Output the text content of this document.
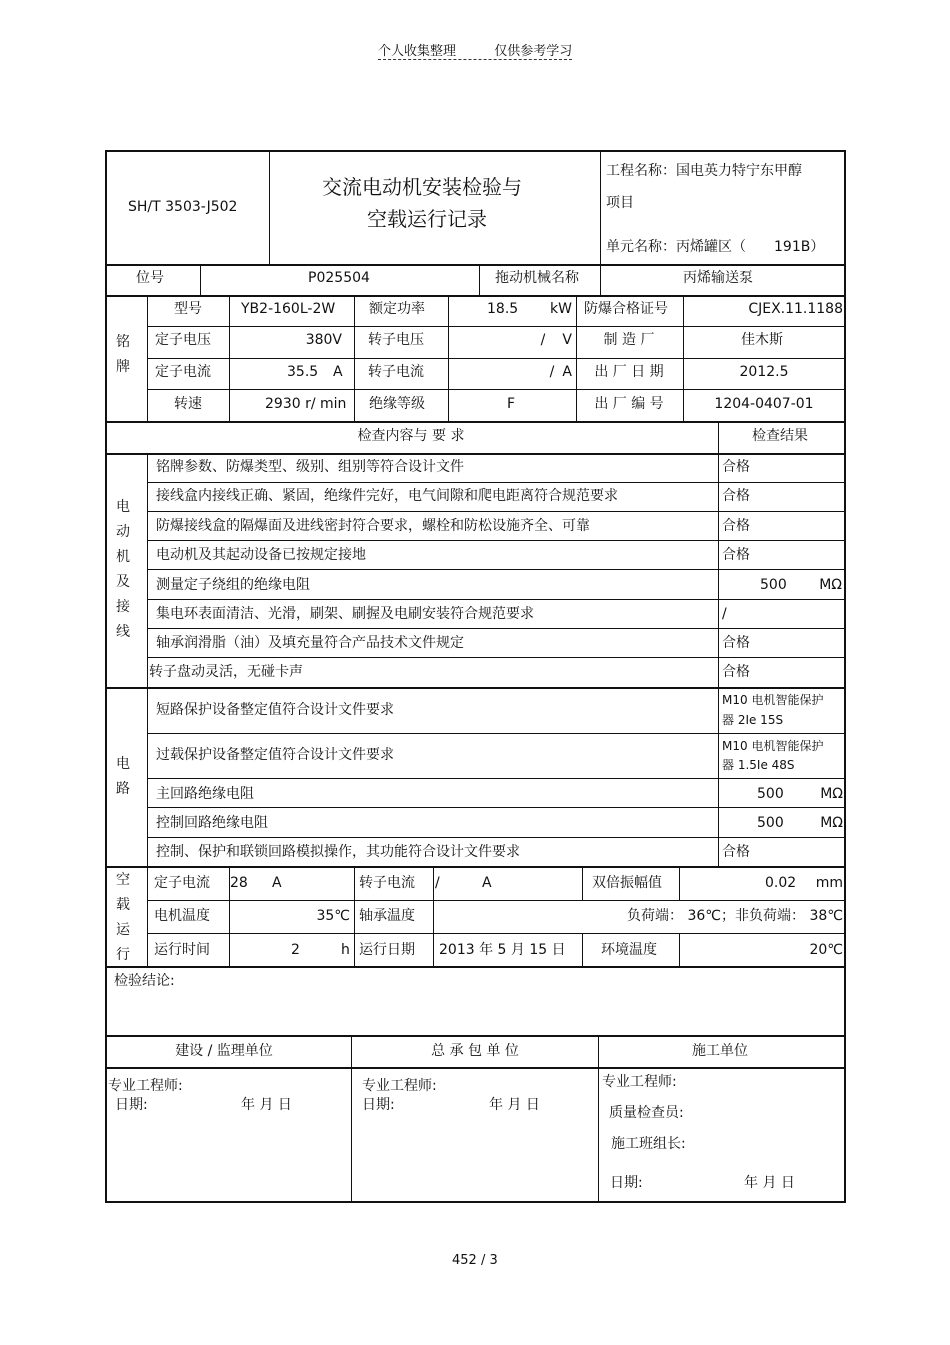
个人收集整理	仅供参考学习
SH/T 3503-J502
交流电动机安装检验与
空载运行记录
工程名称：国电英力特宁东甲醇
项目
单元名称：丙烯罐区（ 191B）
位号	P025504	拖动机械名称	丙烯输送泵
铭
牌
型号	YB2-160L-2W 额定功率	18.5 kW 防爆合格证号	CJEX.11.1188
定子电压	380V 转子电压	/ V 制 造 厂	佳木斯
定子电流	35.5 A 转子电流	/ A 出 厂 日 期	2012.5
转速	2930 r/ min 绝缘等级	F	出 厂 编 号	1204-0407-01
检查内容与 要 求	检查结果
电
动
机
及
接
线
铭牌参数、防爆类型、级别、组别等符合设计文件	合格
接线盒内接线正确、紧固，绝缘件完好，电气间隙和爬电距离符合规范要求	合格
防爆接线盒的隔爆面及进线密封符合要求，螺栓和防松设施齐全、可靠	合格
电动机及其起动设备已按规定接地	合格
测量定子绕组的绝缘电阻	500 MΩ
集电环表面清洁、光滑，刷架、刷握及电刷安装符合规范要求	/
轴承润滑脂（油）及填充量符合产品技术文件规定	合格
转子盘动灵活，无碰卡声	合格
电
路
短路保护设备整定值符合设计文件要求
M10 电机智能保护
器 2Ie 15S
过载保护设备整定值符合设计文件要求
M10 电机智能保护
器 1.5Ie 48S
主回路绝缘电阻	500	MΩ
控制回路绝缘电阻	500	MΩ
控制、保护和联锁回路模拟操作，其功能符合设计文件要求	合格
空
载
运
行
定子电流 28 A	转子电流 /	A	双倍振幅值	0.02 mm
电机温度	35℃ 轴承温度	负荷端： 36℃；非负荷端： 38℃
运行时间	2	h 运行日期 2013 年 5 月 15 日	环境温度	20℃
检验结论:
建设 / 监理单位	总 承 包 单 位	施工单位
专业工程师:
日期:	年 月 日
专业工程师:
日期:	年 月 日
专业工程师:
质量检查员:
施工班组长:
日期:	年 月 日
452 / 3
